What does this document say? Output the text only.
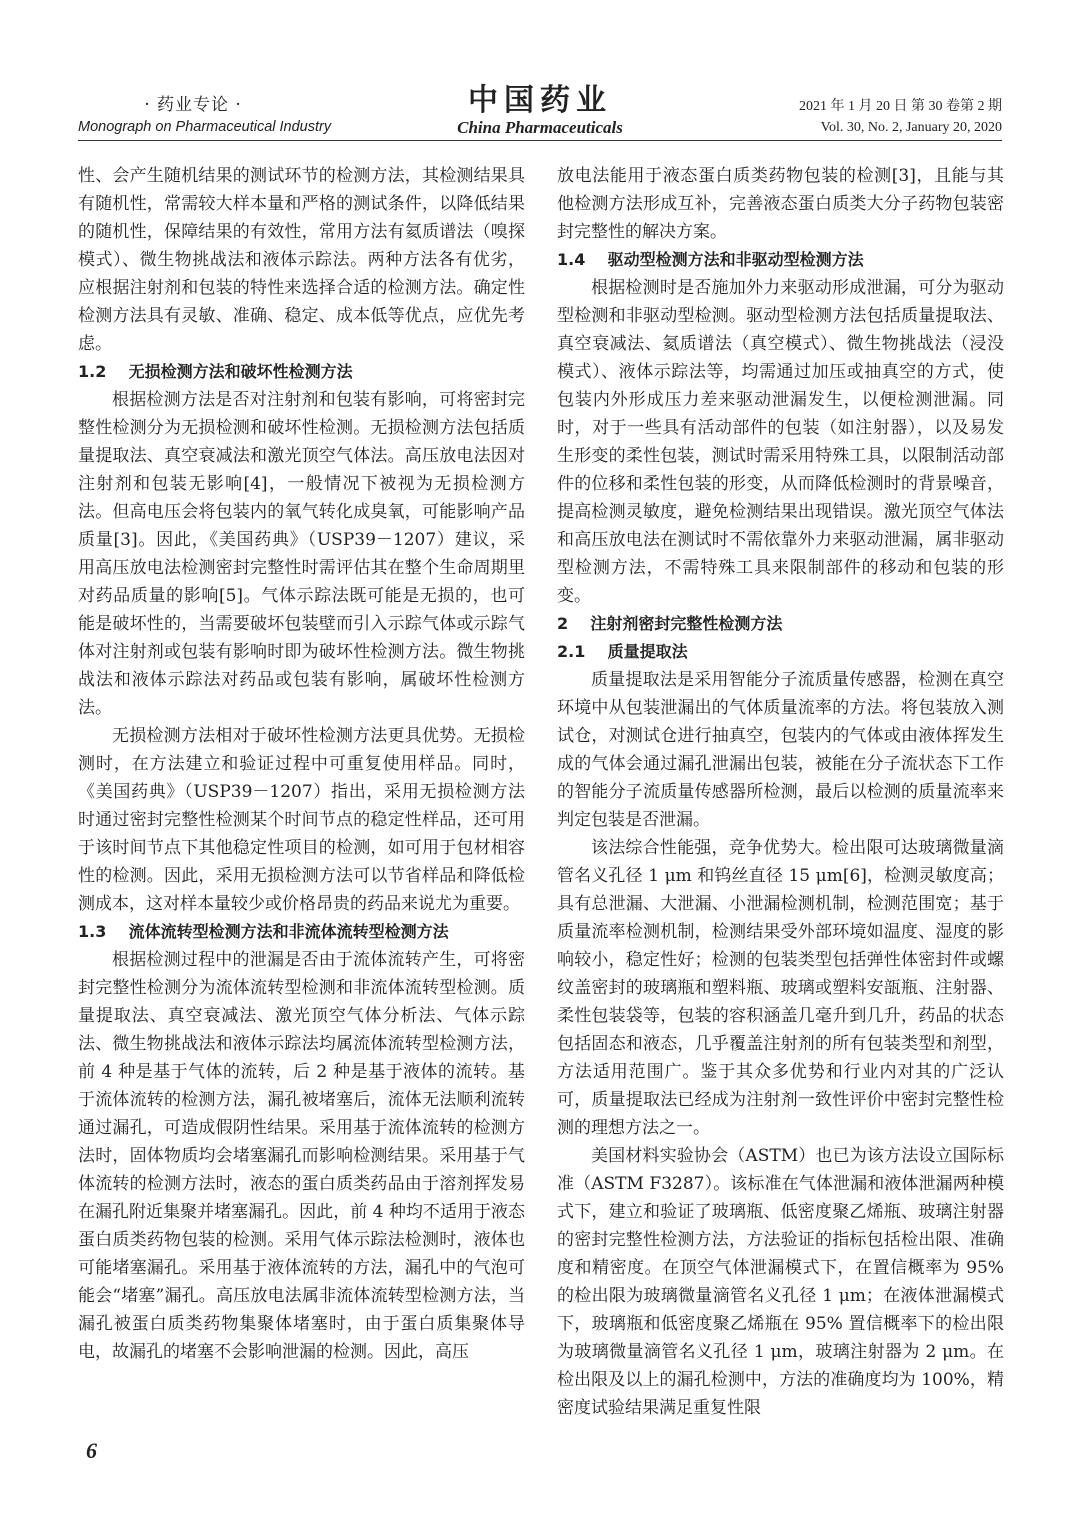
· 药业专论 ·
Monograph on Pharmaceutical Industry
中国药业
China Pharmaceuticals
2021 年 1 月 20 日 第 30 卷第 2 期
Vol. 30, No. 2, January 20, 2020

性、会产生随机结果的测试环节的检测方法，其检测结果具有随机性，常需较大样本量和严格的测试条件，以降低结果的随机性，保障结果的有效性，常用方法有氦质谱法（嗅探模式）、微生物挑战法和液体示踪法。两种方法各有优劣，应根据注射剂和包装的特性来选择合适的检测方法。确定性检测方法具有灵敏、准确、稳定、成本低等优点，应优先考虑。

1.2    无损检测方法和破坏性检测方法

根据检测方法是否对注射剂和包装有影响，可将密封完整性检测分为无损检测和破坏性检测。无损检测方法包括质量提取法、真空衰减法和激光顶空气体法。高压放电法因对注射剂和包装无影响[4]，一般情况下被视为无损检测方法。但高电压会将包装内的氧气转化成臭氧，可能影响产品质量[3]。因此，《美国药典》（USP39－1207）建议，采用高压放电法检测密封完整性时需评估其在整个生命周期里对药品质量的影响[5]。气体示踪法既可能是无损的，也可能是破坏性的，当需要破坏包装壁而引入示踪气体或示踪气体对注射剂或包装有影响时即为破坏性检测方法。微生物挑战法和液体示踪法对药品或包装有影响，属破坏性检测方法。

无损检测方法相对于破坏性检测方法更具优势。无损检测时，在方法建立和验证过程中可重复使用样品。同时，《美国药典》（USP39－1207）指出，采用无损检测方法时通过密封完整性检测某个时间节点的稳定性样品，还可用于该时间节点下其他稳定性项目的检测，如可用于包材相容性的检测。因此，采用无损检测方法可以节省样品和降低检测成本，这对样本量较少或价格昂贵的药品来说尤为重要。

1.3    流体流转型检测方法和非流体流转型检测方法

根据检测过程中的泄漏是否由于流体流转产生，可将密封完整性检测分为流体流转型检测和非流体流转型检测。质量提取法、真空衰减法、激光顶空气体分析法、气体示踪法、微生物挑战法和液体示踪法均属流体流转型检测方法，前 4 种是基于气体的流转，后 2 种是基于液体的流转。基于流体流转的检测方法，漏孔被堵塞后，流体无法顺利流转通过漏孔，可造成假阴性结果。采用基于流体流转的检测方法时，固体物质均会堵塞漏孔而影响检测结果。采用基于气体流转的检测方法时，液态的蛋白质类药品由于溶剂挥发易在漏孔附近集聚并堵塞漏孔。因此，前 4 种均不适用于液态蛋白质类药物包装的检测。采用气体示踪法检测时，液体也可能堵塞漏孔。采用基于液体流转的方法，漏孔中的气泡可能会“堵塞”漏孔。高压放电法属非流体流转型检测方法，当漏孔被蛋白质类药物集聚体堵塞时，由于蛋白质集聚体导电，故漏孔的堵塞不会影响泄漏的检测。因此，高压

放电法能用于液态蛋白质类药物包装的检测[3]，且能与其他检测方法形成互补，完善液态蛋白质类大分子药物包装密封完整性的解决方案。

1.4    驱动型检测方法和非驱动型检测方法

根据检测时是否施加外力来驱动形成泄漏，可分为驱动型检测和非驱动型检测。驱动型检测方法包括质量提取法、真空衰减法、氦质谱法（真空模式）、微生物挑战法（浸没模式）、液体示踪法等，均需通过加压或抽真空的方式，使包装内外形成压力差来驱动泄漏发生，以便检测泄漏。同时，对于一些具有活动部件的包装（如注射器），以及易发生形变的柔性包装，测试时需采用特殊工具，以限制活动部件的位移和柔性包装的形变，从而降低检测时的背景噪音，提高检测灵敏度，避免检测结果出现错误。激光顶空气体法和高压放电法在测试时不需依靠外力来驱动泄漏，属非驱动型检测方法，不需特殊工具来限制部件的移动和包装的形变。

2    注射剂密封完整性检测方法

2.1    质量提取法

质量提取法是采用智能分子流质量传感器，检测在真空环境中从包装泄漏出的气体质量流率的方法。将包装放入测试仓，对测试仓进行抽真空，包装内的气体或由液体挥发生成的气体会通过漏孔泄漏出包装，被能在分子流状态下工作的智能分子流质量传感器所检测，最后以检测的质量流率来判定包装是否泄漏。

该法综合性能强，竞争优势大。检出限可达玻璃微量滴管名义孔径 1 μm 和钨丝直径 15 μm[6]，检测灵敏度高；具有总泄漏、大泄漏、小泄漏检测机制，检测范围宽；基于质量流率检测机制，检测结果受外部环境如温度、湿度的影响较小，稳定性好；检测的包装类型包括弹性体密封件或螺纹盖密封的玻璃瓶和塑料瓶、玻璃或塑料安瓿瓶、注射器、柔性包装袋等，包装的容积涵盖几毫升到几升，药品的状态包括固态和液态，几乎覆盖注射剂的所有包装类型和剂型，方法适用范围广。鉴于其众多优势和行业内对其的广泛认可，质量提取法已经成为注射剂一致性评价中密封完整性检测的理想方法之一。

美国材料实验协会（ASTM）也已为该方法设立国际标准（ASTM F3287）。该标准在气体泄漏和液体泄漏两种模式下，建立和验证了玻璃瓶、低密度聚乙烯瓶、玻璃注射器的密封完整性检测方法，方法验证的指标包括检出限、准确度和精密度。在顶空气体泄漏模式下，在置信概率为 95% 的检出限为玻璃微量滴管名义孔径 1 μm；在液体泄漏模式下，玻璃瓶和低密度聚乙烯瓶在 95% 置信概率下的检出限为玻璃微量滴管名义孔径 1 μm，玻璃注射器为 2 μm。在检出限及以上的漏孔检测中，方法的准确度均为 100%，精密度试验结果满足重复性限

6
